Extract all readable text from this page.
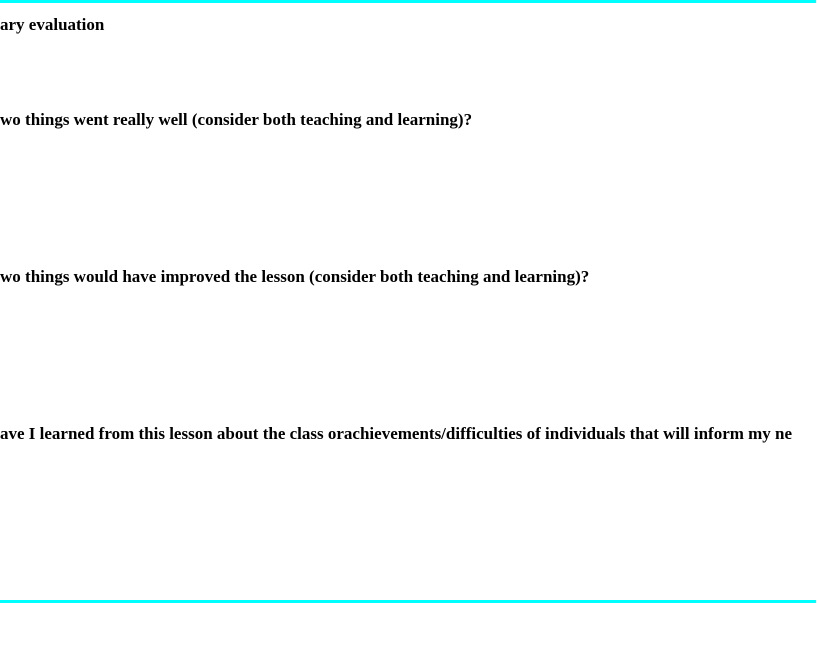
ary evaluation

wo things went really well (consider both teaching and learning)?

wo things would have improved the lesson (consider both teaching and learning)?

ave I learned from this lesson about the class orachievements/difficulties of individuals that will inform my ne
